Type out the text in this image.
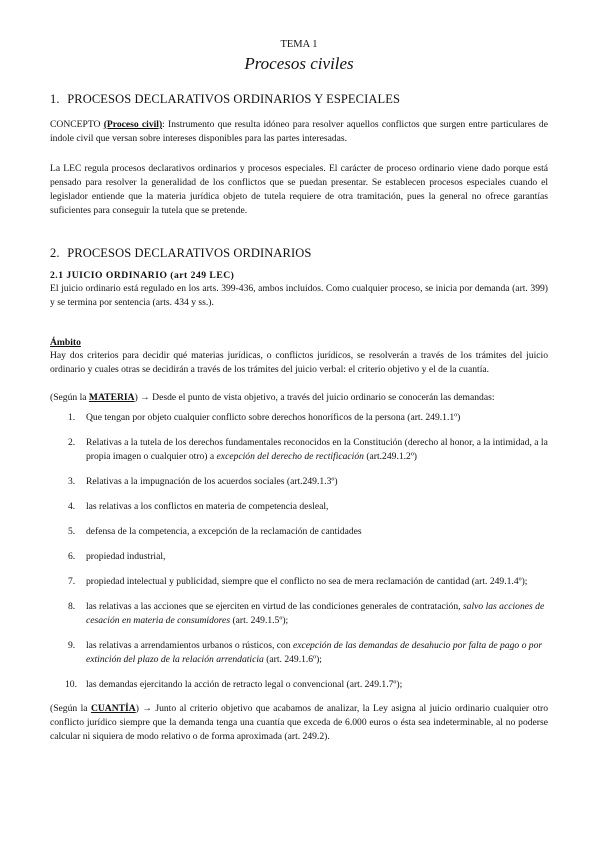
TEMA 1

Procesos civiles
1. PROCESOS DECLARATIVOS ORDINARIOS Y ESPECIALES

CONCEPTO (Proceso civil): Instrumento que resulta idóneo para resolver aquellos conflictos que surgen entre particulares de índole civil que versan sobre intereses disponibles para las partes interesadas.

La LEC regula procesos declarativos ordinarios y procesos especiales. El carácter de proceso ordinario viene dado porque está pensado para resolver la generalidad de los conflictos que se puedan presentar. Se establecen procesos especiales cuando el legislador entiende que la materia jurídica objeto de tutela requiere de otra tramitación, pues la general no ofrece garantías suficientes para conseguir la tutela que se pretende.

2. PROCESOS DECLARATIVOS ORDINARIOS

2.1 JUICIO ORDINARIO (art 249 LEC)

El juicio ordinario está regulado en los arts. 399-436, ambos incluidos. Como cualquier proceso, se inicia por demanda (art. 399) y se termina por sentencia (arts. 434 y ss.).

Ámbito

Hay dos criterios para decidir qué materias jurídicas, o conflictos jurídicos, se resolverán a través de los trámites del juicio ordinario y cuales otras se decidirán a través de los trámites del juicio verbal: el criterio objetivo y el de la cuantía.

(Según la MATERIA) → Desde el punto de vista objetivo, a través del juicio ordinario se conocerán las demandas:

1. Que tengan por objeto cualquier conflicto sobre derechos honoríficos de la persona (art. 249.1.1º)
2. Relativas a la tutela de los derechos fundamentales reconocidos en la Constitución (derecho al honor, a la intimidad, a la propia imagen o cualquier otro) a excepción del derecho de rectificación (art.249.1.2º)
3. Relativas a la impugnación de los acuerdos sociales (art.249.1.3º)
4. las relativas a los conflictos en materia de competencia desleal,
5. defensa de la competencia, a excepción de la reclamación de cantidades
6. propiedad industrial,
7. propiedad intelectual y publicidad, siempre que el conflicto no sea de mera reclamación de cantidad (art. 249.1.4º);
8. las relativas a las acciones que se ejerciten en virtud de las condiciones generales de contratación, salvo las acciones de cesación en materia de consumidores (art. 249.1.5º);
9. las relativas a arrendamientos urbanos o rústicos, con excepción de las demandas de desahucio por falta de pago o por extinción del plazo de la relación arrendaticia (art. 249.1.6º);
10. las demandas ejercitando la acción de retracto legal o convencional (art. 249.1.7º);

(Según la CUANTÍA) → Junto al criterio objetivo que acabamos de analizar, la Ley asigna al juicio ordinario cualquier otro conflicto jurídico siempre que la demanda tenga una cuantía que exceda de 6.000 euros o ésta sea indeterminable, al no poderse calcular ni siquiera de modo relativo o de forma aproximada (art. 249.2).
